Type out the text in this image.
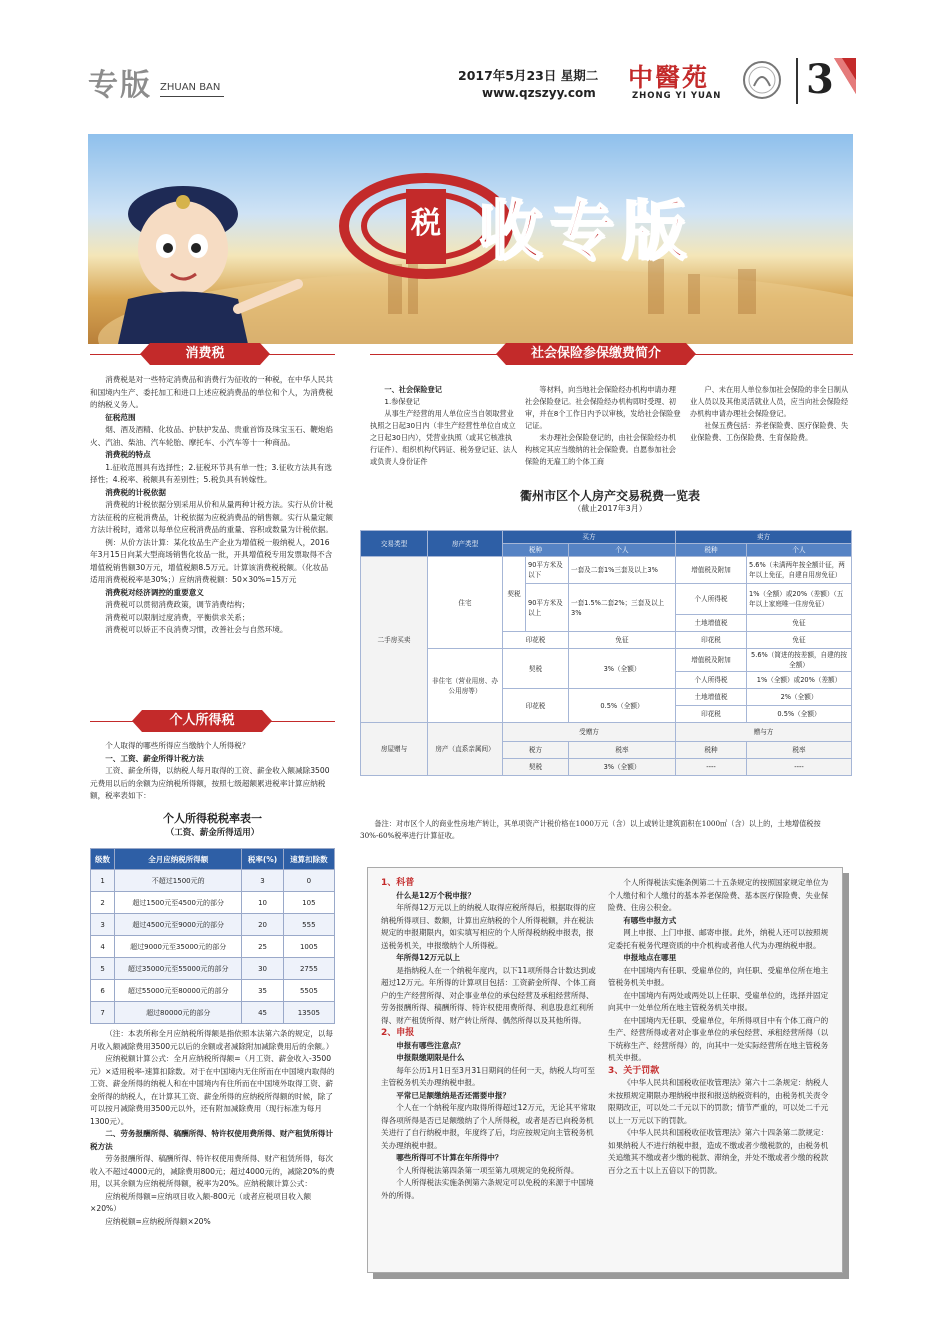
专版 ZHUAN BAN
2017年5月23日 星期二
www.qzszyy.com
中醫苑
ZHONG YI YUAN 3
税 收专版
消费税

消费税是对一些特定消费品和消费行为征收的一种税，在中华人民共和国境内生产、委托加工和进口上述应税消费品的单位和个人，为消费税的纳税义务人。

征税范围

烟、酒及酒精、化妆品、护肤护发品、贵重首饰及珠宝玉石、鞭炮焰火、汽油、柴油、汽车轮胎、摩托车、小汽车等十一种商品。

消费税的特点

1.征收范围具有选择性；2.征税环节具有单一性；3.征收方法具有选择性；4.税率、税额具有差别性；5.税负具有转嫁性。

消费税的计税依据

消费税的计税依据分别采用从价和从量两种计税方法。实行从价计税方法征税的应税消费品，计税依据为应税消费品的销售额。实行从量定额方法计税时，通常以每单位应税消费品的重量、容积或数量为计税依据。

例：从价方法计算：某化妆品生产企业为增值税一般纳税人，2016年3月15日向某大型商场销售化妆品一批，开具增值税专用发票取得不含增值税销售额30万元，增值税额8.5万元。计算该消费税税额。（化妆品适用消费税税率是30%；）应纳消费税额：50×30%=15万元

消费税对经济调控的重要意义

消费税可以贯彻消费政策，调节消费结构；

消费税可以限制过度消费，平衡供求关系；

消费税可以矫正不良消费习惯，改善社会与自然环境。

个人所得税

个人取得的哪些所得应当缴纳个人所得税？

一、工资、薪金所得计税方法

工资、薪金所得，以纳税人每月取得的工资、薪金收入额减除3500元费用以后的余额为应纳税所得额，按照七级超额累进税率计算应纳税额，税率表如下：

个人所得税税率表一
（工资、薪金所得适用）
级数	全月应纳税所得额	税率(%)	速算扣除数
1	不超过1500元的	3	0
2	超过1500元至4500元的部分	10	105
3	超过4500元至9000元的部分	20	555
4	超过9000元至35000元的部分	25	1005
5	超过35000元至55000元的部分	30	2755
6	超过55000元至80000元的部分	35	5505
7	超过80000元的部分	45	13505

（注：本表所称全月应纳税所得额是指依照本法第六条的规定，以每月收入额减除费用3500元以后的余额或者减除附加减除费用后的余额。）

应纳税额计算公式：全月应纳税所得额=（月工资、薪金收入-3500元）×适用税率-速算扣除数。对于在中国境内无住所而在中国境内取得的工资、薪金所得的纳税人和在中国境内有住所而在中国境外取得工资、薪金所得的纳税人，在计算其工资、薪金所得的应纳税所得额的时候，除了可以按月减除费用3500元以外，还有附加减除费用（现行标准为每月1300元）。

二、劳务报酬所得、稿酬所得、特许权使用费所得、财产租赁所得计税方法

劳务报酬所得、稿酬所得、特许权使用费所得、财产租赁所得，每次收入不超过4000元的，减除费用800元；超过4000元的，减除20%的费用，以其余额为应纳税所得额，税率为20%。应纳税额计算公式：

应纳税所得额=应纳项目收入额-800元（或者应税项目收入额×20%）

应纳税额=应纳税所得额×20%

社会保险参保缴费简介

一、社会保险登记

1.参保登记

从事生产经营的用人单位应当自领取营业执照之日起30日内（非生产经营性单位自成立之日起30日内），凭营业执照（或其它核准执行证件）、组织机构代码证、税务登记证、法人或负责人身份证件

等材料，向当地社会保险经办机构申请办理社会保险登记。社会保险经办机构即时受理、初审，并在8个工作日内予以审核，发给社会保险登记证。

未办理社会保险登记的，由社会保险经办机构核定其应当缴纳的社会保险费。自愿参加社会保险的无雇工的个体工商

户、未在用人单位参加社会保险的非全日制从业人员以及其他灵活就业人员，应当向社会保险经办机构申请办理社会保险登记。

社保五费包括：养老保险费、医疗保险费、失业保险费、工伤保险费、生育保险费。

衢州市区个人房产交易税费一览表
（截止2017年3月）
交易类型	房产类型	买方			卖方	
		税种		个人	税种	个人
二手房买卖	住宅	契税	90平方米及以下	一套及二套1%三套及以上3%	增值税及附加	5.6%（未满两年按全额计征，两年以上免征，自建自用房免征）
					个人所得税	1%（全额）或20%（差额）（五年以上家庭唯一住房免征）
			90平方米及以上	一套1.5%二套2%；三套及以上3%		
					土地增值税	免征
		印花税		免征	印花税	免征
	非住宅（营业用房、办公用房等）	契税		3%（全额）	增值税及附加	5.6%（简进的按差额，自建的按全额）
					个人所得税	1%（全额）或20%（差额）
		印花税		0.5%（全额）	土地增值税	2%（全额）
					印花税	0.5%（全额）
房屋赠与	房产（直系亲属间）	受赠方			赠与方	
		税方		税率	税种	税率
		契税		3%（全额）	----	----
备注：对市区个人的商业性房地产转让，其单项资产计税价格在1000万元（含）以上或转让建筑面积在1000㎡（含）以上的，土地增值税按30%-60%税率进行计算征收。

1、科普

什么是12万个税申报？

年所得12万元以上的纳税人取得应税所得后，根据取得的应纳税所得项目、数额，计算出应纳税的个人所得税额，并在税法规定的申报期限内，如实填写相应的个人所得税纳税申报表，报送税务机关，申报缴纳个人所得税。

年所得12万元以上

是指纳税人在一个纳税年度内，以下11项所得合计数达到或超过12万元。年所得的计算项目包括：工资薪金所得、个体工商户的生产经营所得、对企事业单位的承包经营及承租经营所得、劳务报酬所得、稿酬所得、特许权使用费所得、利息股息红利所得、财产租赁所得、财产转让所得、偶然所得以及其他所得。

2、申报

申报有哪些注意点？

申报限缴期限是什么

每年公历1月1日至3月31日期间的任何一天，纳税人均可至主管税务机关办理纳税申报。

平常已足额缴纳是否还需要申报？

个人在一个纳税年度内取得所得超过12万元，无论其平常取得各项所得是否已足额缴纳了个人所得税，或者是否已向税务机关进行了自行纳税申报，年度终了后，均应按规定向主管税务机关办理纳税申报。

哪些所得可不计算在年所得中？

个人所得税法第四条第一项至第九项规定的免税所得。

个人所得税法实施条例第六条规定可以免税的来源于中国境外的所得。

个人所得税法实施条例第二十五条规定的按照国家规定单位为个人缴付和个人缴付的基本养老保险费、基本医疗保险费、失业保险费、住房公积金。

有哪些申报方式

网上申报、上门申报、邮寄申报。此外，纳税人还可以按照规定委托有税务代理资质的中介机构或者他人代为办理纳税申报。

申报地点在哪里

在中国境内有任职、受雇单位的，向任职、受雇单位所在地主管税务机关申报。

在中国境内有两处或两处以上任职、受雇单位的，选择并固定向其中一处单位所在地主管税务机关申报。

在中国境内无任职、受雇单位，年所得项目中有个体工商户的生产、经营所得或者对企事业单位的承包经营、承租经营所得（以下统称生产、经营所得）的，向其中一处实际经营所在地主管税务机关申报。

3、关于罚款

《中华人民共和国税收征收管理法》第六十二条规定：纳税人未按照规定期限办理纳税申报和报送纳税资料的，由税务机关责令限期改正，可以处二千元以下的罚款；情节严重的，可以处二千元以上一万元以下的罚款。

《中华人民共和国税收征收管理法》第六十四条第二款规定：如果纳税人不进行纳税申报，造成不缴或者少缴税款的，由税务机关追缴其不缴或者少缴的税款、滞纳金，并处不缴或者少缴的税款百分之五十以上五倍以下的罚款。
